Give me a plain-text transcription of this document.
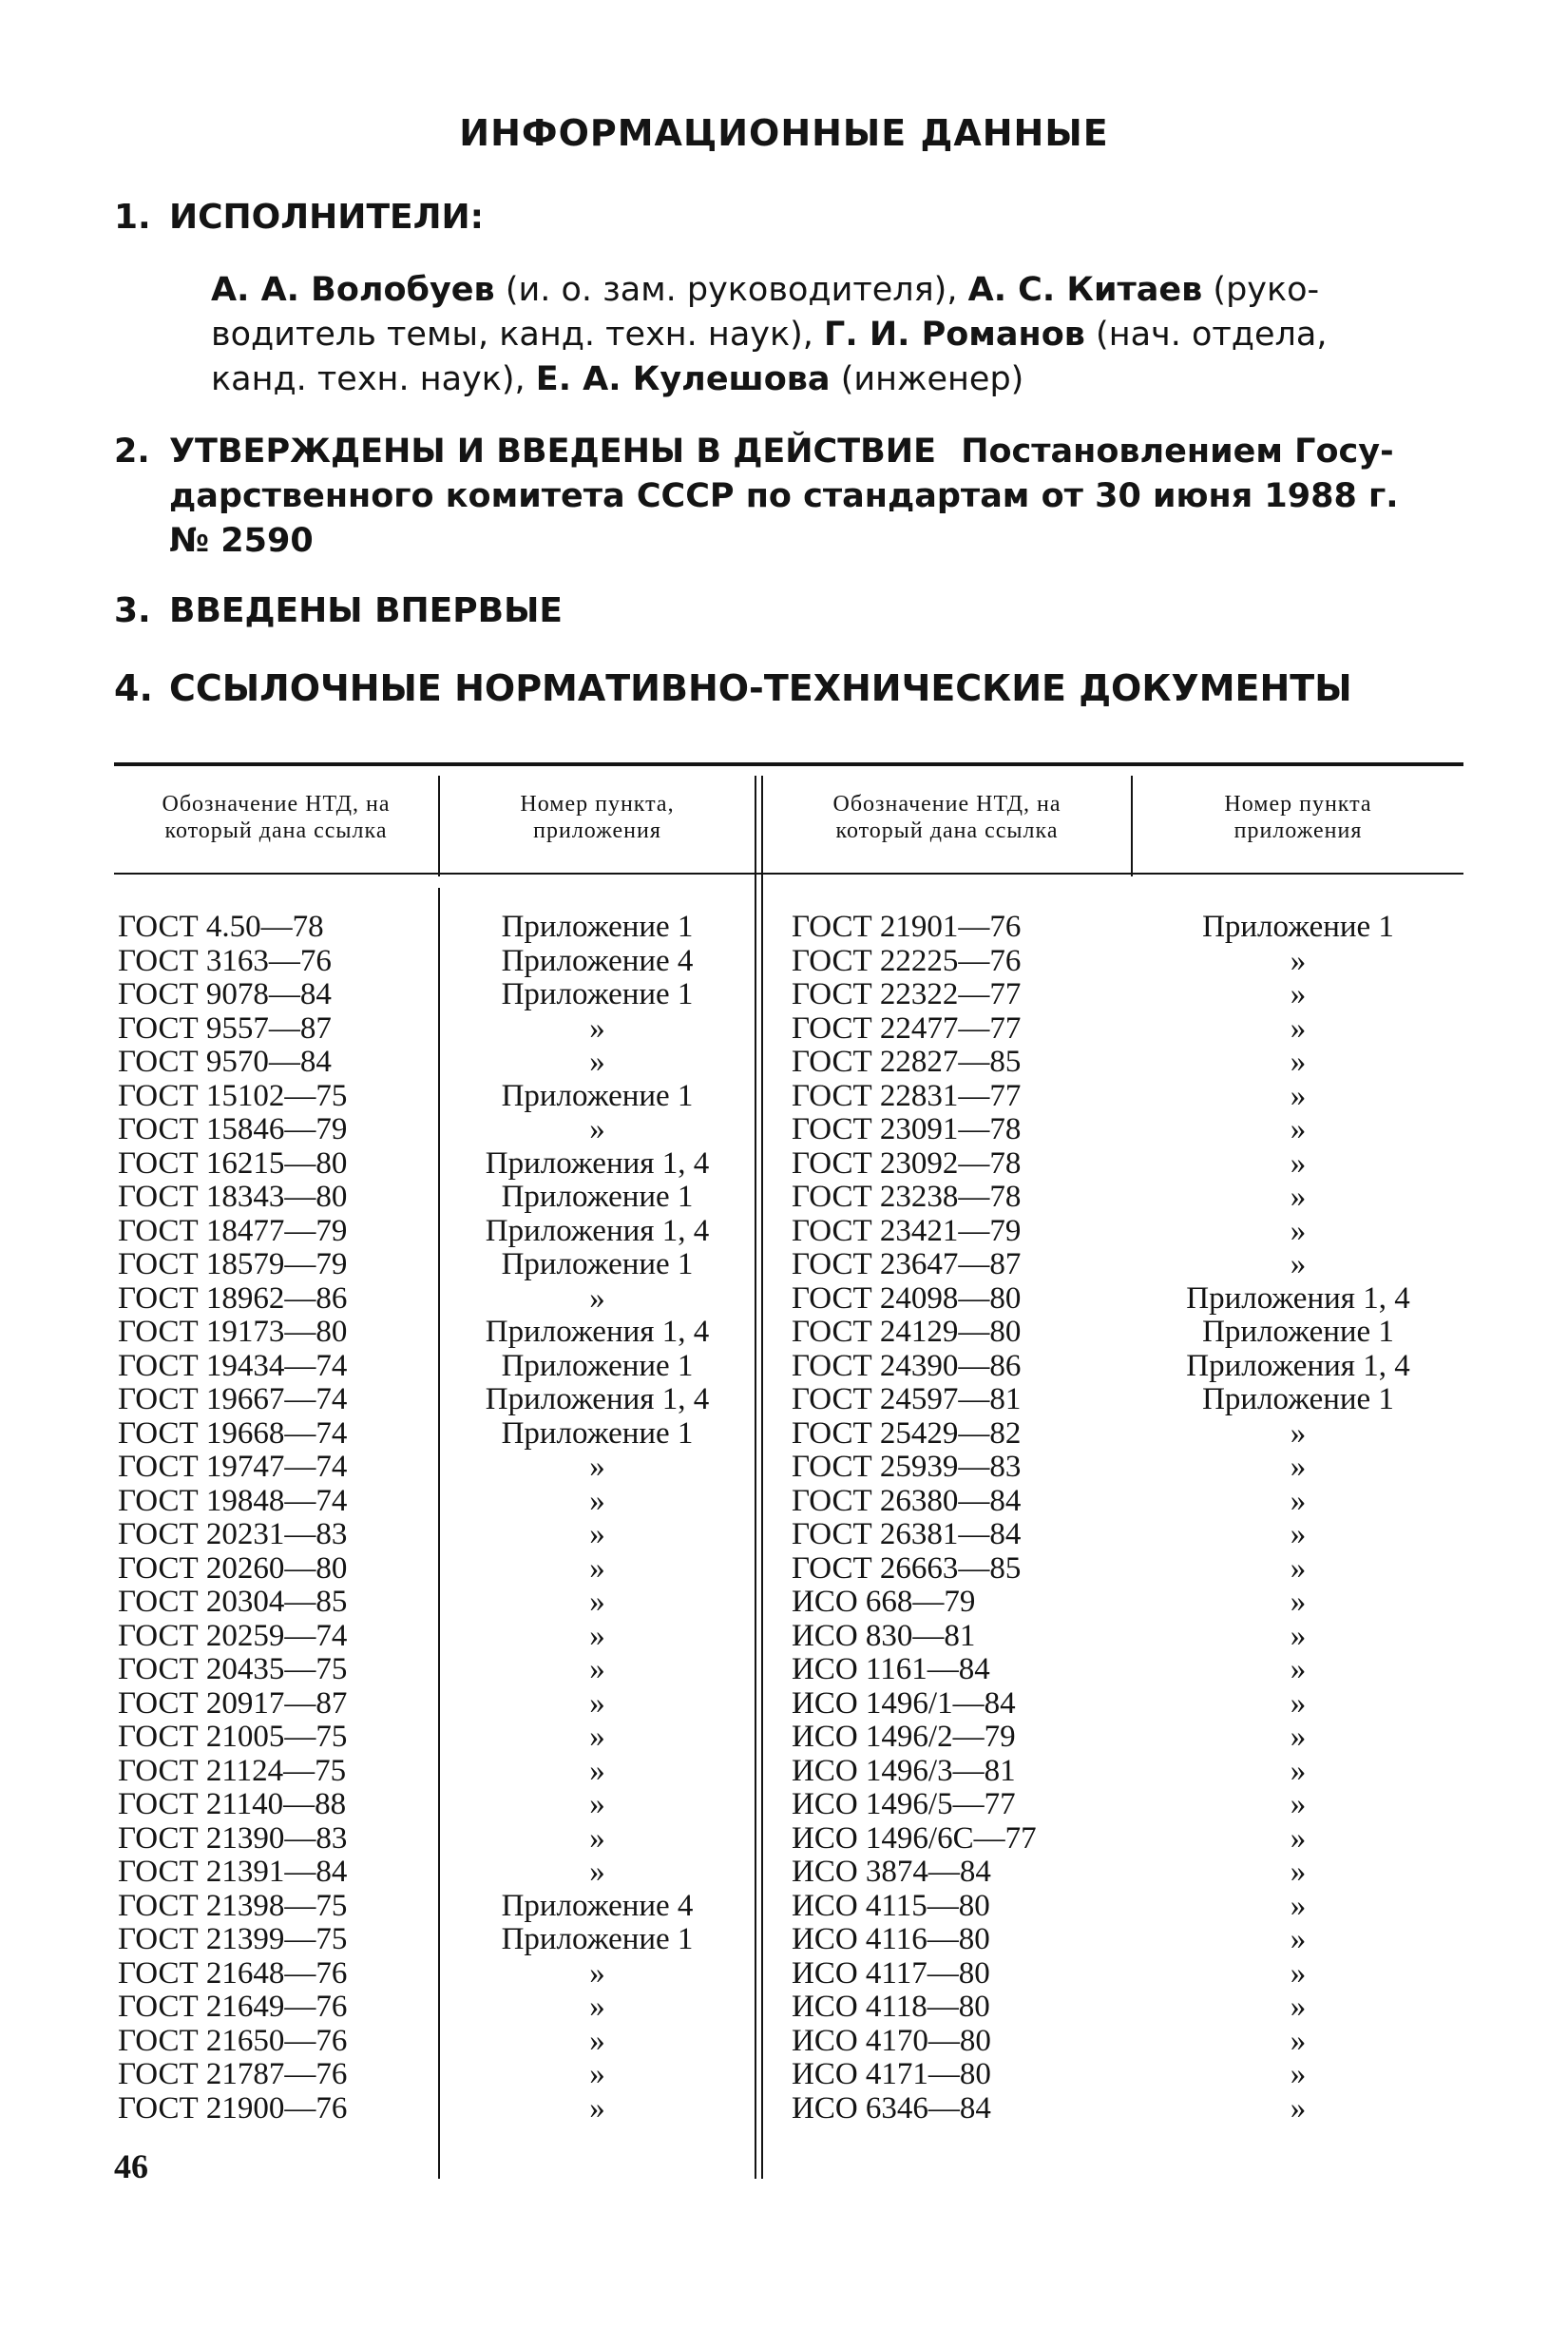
ИНФОРМАЦИОННЫЕ ДАННЫЕ
1. ИСПОЛНИТЕЛИ:
А. А. Волобуев (и. о. зам. руководителя), А. С. Китаев (руко-
водитель темы, канд. техн. наук), Г. И. Романов (нач. отдела,
канд. техн. наук), Е. А. Кулешова (инженер)
2. УТВЕРЖДЕНЫ И ВВЕДЕНЫ В ДЕЙСТВИЕ Постановлением Госу-
дарственного комитета СССР по стандартам от 30 июня 1988 г.
№ 2590
3. ВВЕДЕНЫ ВПЕРВЫЕ
4. ССЫЛОЧНЫЕ НОРМАТИВНО-ТЕХНИЧЕСКИЕ ДОКУМЕНТЫ
Обозначение НТД, на
который дана ссылка
Номер пункта,
приложения
Обозначение НТД, на
который дана ссылка
Номер пункта
приложения
ГОСТ 4.50—78
ГОСТ 3163—76
ГОСТ 9078—84
ГОСТ 9557—87
ГОСТ 9570—84
ГОСТ 15102—75
ГОСТ 15846—79
ГОСТ 16215—80
ГОСТ 18343—80
ГОСТ 18477—79
ГОСТ 18579—79
ГОСТ 18962—86
ГОСТ 19173—80
ГОСТ 19434—74
ГОСТ 19667—74
ГОСТ 19668—74
ГОСТ 19747—74
ГОСТ 19848—74
ГОСТ 20231—83
ГОСТ 20260—80
ГОСТ 20304—85
ГОСТ 20259—74
ГОСТ 20435—75
ГОСТ 20917—87
ГОСТ 21005—75
ГОСТ 21124—75
ГОСТ 21140—88
ГОСТ 21390—83
ГОСТ 21391—84
ГОСТ 21398—75
ГОСТ 21399—75
ГОСТ 21648—76
ГОСТ 21649—76
ГОСТ 21650—76
ГОСТ 21787—76
ГОСТ 21900—76
Приложение 1
Приложение 4
Приложение 1
»
»
Приложение 1
»
Приложения 1, 4
Приложение 1
Приложения 1, 4
Приложение 1
»
Приложения 1, 4
Приложение 1
Приложения 1, 4
Приложение 1
»
»
»
»
»
»
»
»
»
»
»
»
»
Приложение 4
Приложение 1
»
»
»
»
»
ГОСТ 21901—76
ГОСТ 22225—76
ГОСТ 22322—77
ГОСТ 22477—77
ГОСТ 22827—85
ГОСТ 22831—77
ГОСТ 23091—78
ГОСТ 23092—78
ГОСТ 23238—78
ГОСТ 23421—79
ГОСТ 23647—87
ГОСТ 24098—80
ГОСТ 24129—80
ГОСТ 24390—86
ГОСТ 24597—81
ГОСТ 25429—82
ГОСТ 25939—83
ГОСТ 26380—84
ГОСТ 26381—84
ГОСТ 26663—85
ИСО 668—79
ИСО 830—81
ИСО 1161—84
ИСО 1496/1—84
ИСО 1496/2—79
ИСО 1496/3—81
ИСО 1496/5—77
ИСО 1496/6С—77
ИСО 3874—84
ИСО 4115—80
ИСО 4116—80
ИСО 4117—80
ИСО 4118—80
ИСО 4170—80
ИСО 4171—80
ИСО 6346—84
Приложение 1
»
»
»
»
»
»
»
»
»
»
Приложения 1, 4
Приложение 1
Приложения 1, 4
Приложение 1
»
»
»
»
»
»
»
»
»
»
»
»
»
»
»
»
»
»
»
»
»
46
